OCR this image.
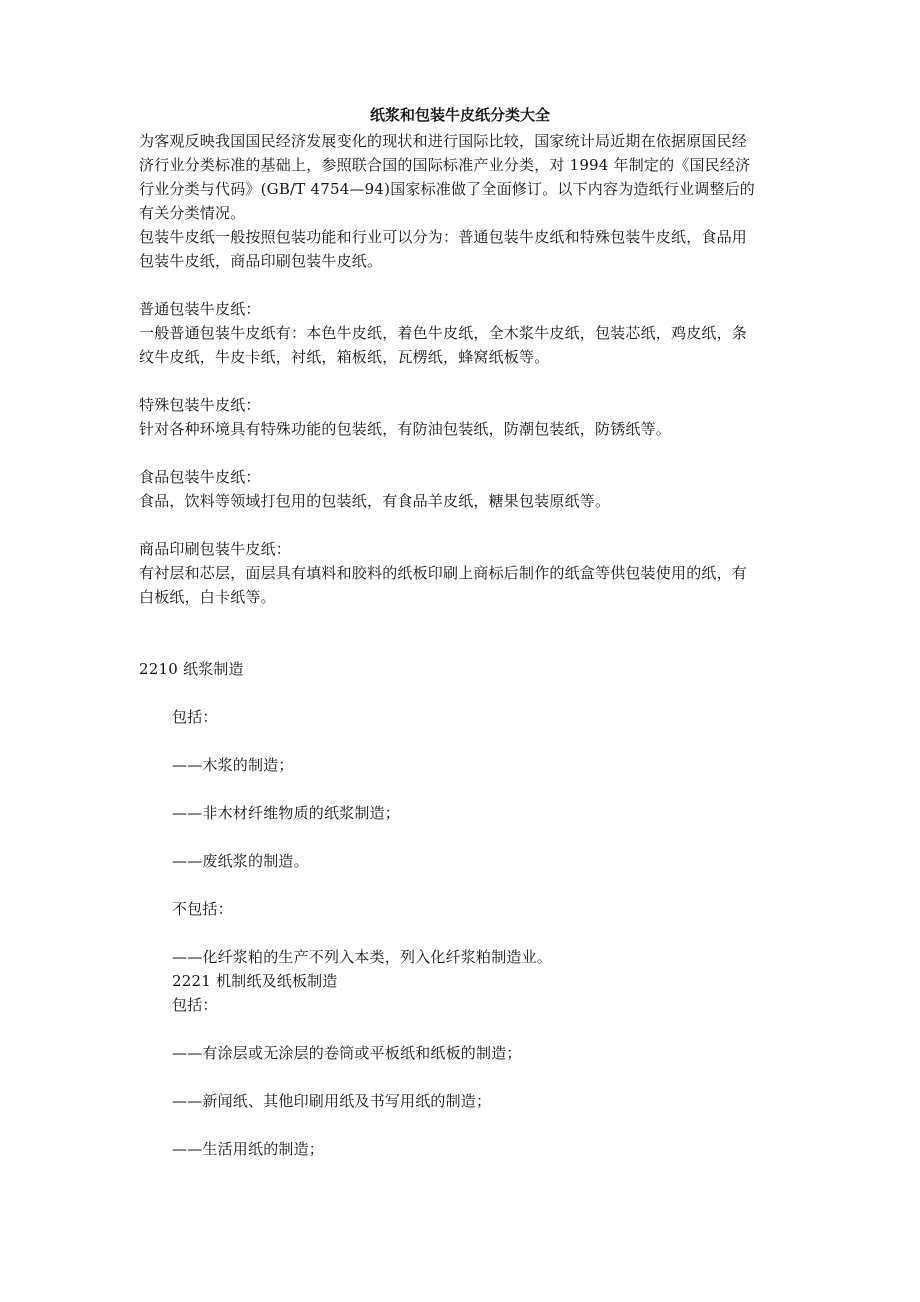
纸浆和包装牛皮纸分类大全
为客观反映我国国民经济发展变化的现状和进行国际比较，国家统计局近期在依据原国民经
济行业分类标准的基础上，参照联合国的国际标准产业分类，对 1994 年制定的《国民经济
行业分类与代码》(GB/T 4754—94)国家标准做了全面修订。以下内容为造纸行业调整后的
有关分类情况。
包装牛皮纸一般按照包装功能和行业可以分为：普通包装牛皮纸和特殊包装牛皮纸，食品用
包装牛皮纸，商品印刷包装牛皮纸。
普通包装牛皮纸：
一般普通包装牛皮纸有：本色牛皮纸，着色牛皮纸，全木浆牛皮纸，包装芯纸，鸡皮纸，条
纹牛皮纸，牛皮卡纸，衬纸，箱板纸，瓦楞纸，蜂窝纸板等。
特殊包装牛皮纸：
针对各种环境具有特殊功能的包装纸，有防油包装纸，防潮包装纸，防锈纸等。
食品包装牛皮纸：
食品，饮料等领域打包用的包装纸，有食品羊皮纸，糖果包装原纸等。
商品印刷包装牛皮纸：
有衬层和芯层，面层具有填料和胶料的纸板印刷上商标后制作的纸盒等供包装使用的纸，有
白板纸，白卡纸等。
2210 纸浆制造
包括：
——木浆的制造；
——非木材纤维物质的纸浆制造；
——废纸浆的制造。
不包括：
——化纤浆粕的生产不列入本类，列入化纤浆粕制造业。
2221 机制纸及纸板制造
包括：
——有涂层或无涂层的卷筒或平板纸和纸板的制造；
——新闻纸、其他印刷用纸及书写用纸的制造；
——生活用纸的制造；
